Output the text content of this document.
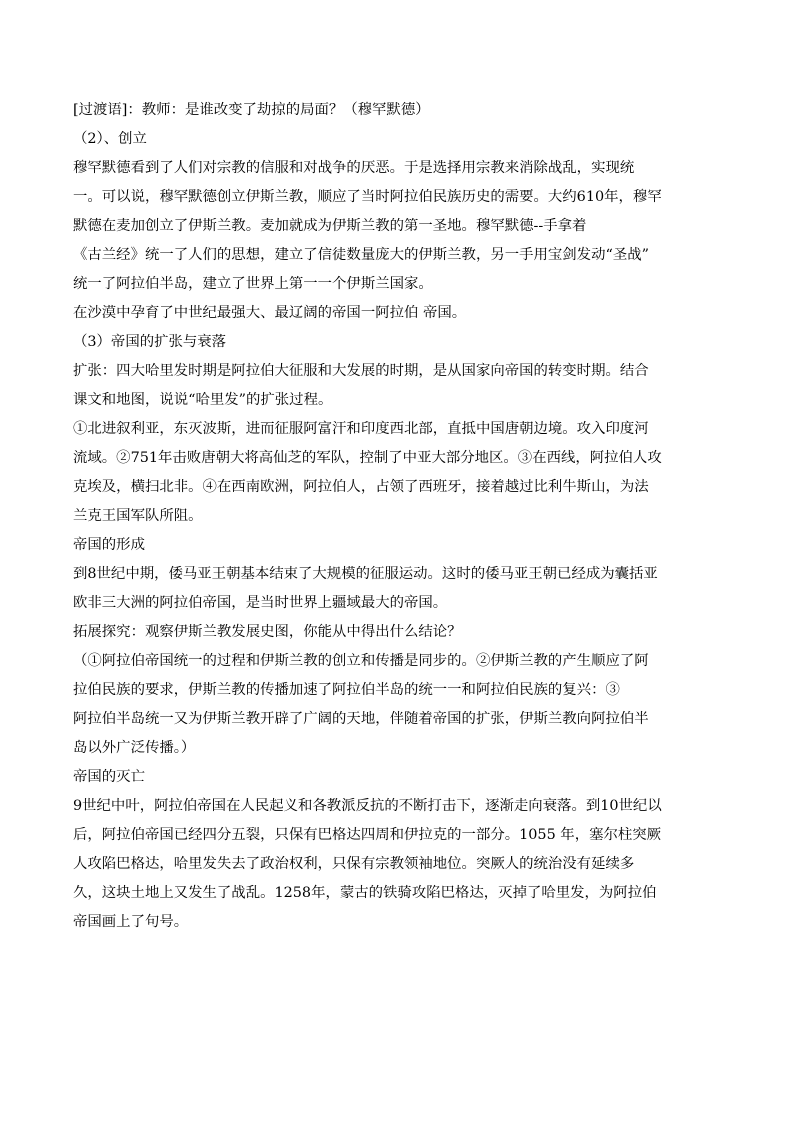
[过渡语]：教师：是谁改变了劫掠的局面？（穆罕默德）
（2）、创立
穆罕默德看到了人们对宗教的信服和对战争的厌恶。于是选择用宗教来消除战乱，实现统
一。可以说，穆罕默德创立伊斯兰教，顺应了当时阿拉伯民族历史的需要。大约610年，穆罕
默德在麦加创立了伊斯兰教。麦加就成为伊斯兰教的第一圣地。穆罕默德--手拿着
《古兰经》统一了人们的思想，建立了信徒数量庞大的伊斯兰教，另一手用宝剑发动“圣战”
统一了阿拉伯半岛，建立了世界上第一一个伊斯兰国家。
在沙漠中孕育了中世纪最强大、最辽阔的帝国一阿拉伯 帝国。
（3）帝国的扩张与衰落
扩张：四大哈里发时期是阿拉伯大征服和大发展的时期，是从国家向帝国的转变时期。结合
课文和地图，说说“哈里发”的扩张过程。
①北进叙利亚，东灭波斯，进而征服阿富汗和印度西北部，直抵中国唐朝边境。攻入印度河
流域。②751年击败唐朝大将高仙芝的军队，控制了中亚大部分地区。③在西线，阿拉伯人攻
克埃及，横扫北非。④在西南欧洲，阿拉伯人，占领了西班牙，接着越过比利牛斯山，为法
兰克王国军队所阻。
帝国的形成
到8世纪中期，倭马亚王朝基本结束了大规模的征服运动。这时的倭马亚王朝已经成为囊括亚
欧非三大洲的阿拉伯帝国，是当时世界上疆域最大的帝国。
拓展探究：观察伊斯兰教发展史图，你能从中得出什么结论？
（①阿拉伯帝国统一的过程和伊斯兰教的创立和传播是同步的。②伊斯兰教的产生顺应了阿
拉伯民族的要求，伊斯兰教的传播加速了阿拉伯半岛的统一一和阿拉伯民族的复兴：③
阿拉伯半岛统一又为伊斯兰教开辟了广阔的天地，伴随着帝国的扩张，伊斯兰教向阿拉伯半
岛以外广泛传播。）
帝国的灭亡
9世纪中叶，阿拉伯帝国在人民起义和各教派反抗的不断打击下，逐渐走向衰落。到10世纪以
后，阿拉伯帝国已经四分五裂，只保有巴格达四周和伊拉克的一部分。1055 年，塞尔柱突厥
人攻陷巴格达，哈里发失去了政治权利，只保有宗教领袖地位。突厥人的统治没有延续多
久，这块土地上又发生了战乱。1258年，蒙古的铁骑攻陷巴格达，灭掉了哈里发，为阿拉伯
帝国画上了句号。
